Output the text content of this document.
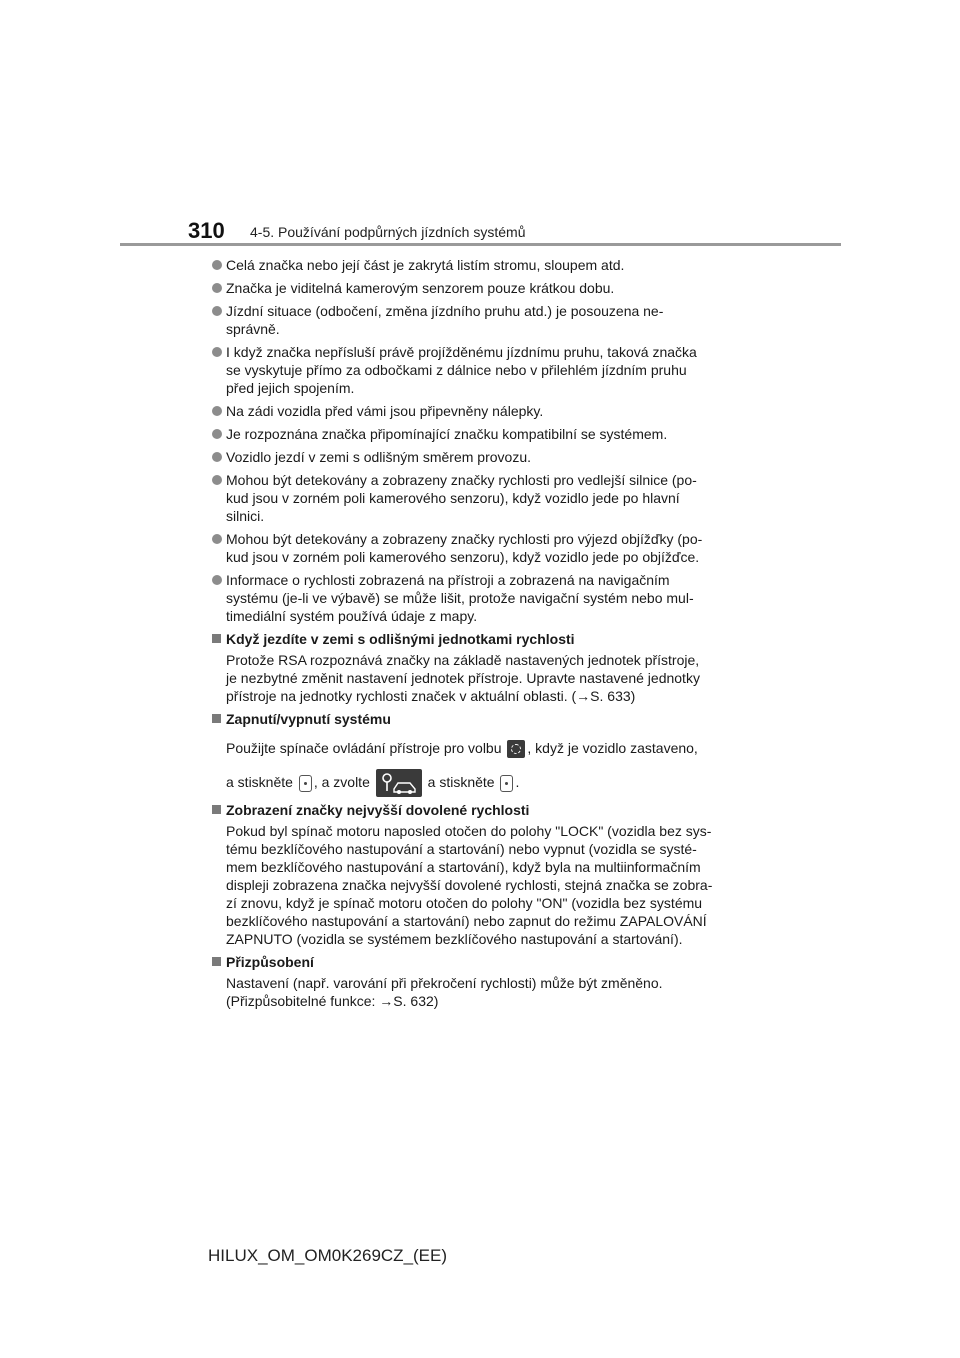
310 4-5. Používání podpůrných jízdních systémů
Celá značka nebo její část je zakrytá listím stromu, sloupem atd.
Značka je viditelná kamerovým senzorem pouze krátkou dobu.
Jízdní situace (odbočení, změna jízdního pruhu atd.) je posouzena ne-
správně.
I když značka nepřísluší právě projížděnému jízdnímu pruhu, taková značka
se vyskytuje přímo za odbočkami z dálnice nebo v přilehlém jízdním pruhu
před jejich spojením.
Na zádi vozidla před vámi jsou připevněny nálepky.
Je rozpoznána značka připomínající značku kompatibilní se systémem.
Vozidlo jezdí v zemi s odlišným směrem provozu.
Mohou být detekovány a zobrazeny značky rychlosti pro vedlejší silnice (po-
kud jsou v zorném poli kamerového senzoru), když vozidlo jede po hlavní
silnici.
Mohou být detekovány a zobrazeny značky rychlosti pro výjezd objížďky (po-
kud jsou v zorném poli kamerového senzoru), když vozidlo jede po objížďce.
Informace o rychlosti zobrazená na přístroji a zobrazená na navigačním
systému (je-li ve výbavě) se může lišit, protože navigační systém nebo mul-
timediální systém používá údaje z mapy.
Když jezdíte v zemi s odlišnými jednotkami rychlosti
Protože RSA rozpoznává značky na základě nastavených jednotek přístroje,
je nezbytné změnit nastavení jednotek přístroje. Upravte nastavené jednotky
přístroje na jednotky rychlosti značek v aktuální oblasti. (→S. 633)
Zapnutí/vypnutí systému
Použijte spínače ovládání přístroje pro volbu , když je vozidlo zastaveno,
a stiskněte , a zvolte	a stiskněte .
Zobrazení značky nejvyšší dovolené rychlosti
Pokud byl spínač motoru naposled otočen do polohy "LOCK" (vozidla bez sys-
tému bezklíčového nastupování a startování) nebo vypnut (vozidla se systé-
mem bezklíčového nastupování a startování), když byla na multiinformačním
displeji zobrazena značka nejvyšší dovolené rychlosti, stejná značka se zobra-
zí znovu, když je spínač motoru otočen do polohy "ON" (vozidla bez systému
bezklíčového nastupování a startování) nebo zapnut do režimu ZAPALOVÁNÍ
ZAPNUTO (vozidla se systémem bezklíčového nastupování a startování).
Přizpůsobení
Nastavení (např. varování při překročení rychlosti) může být změněno.
(Přizpůsobitelné funkce: →S. 632)
HILUX_OM_OM0K269CZ_(EE)
